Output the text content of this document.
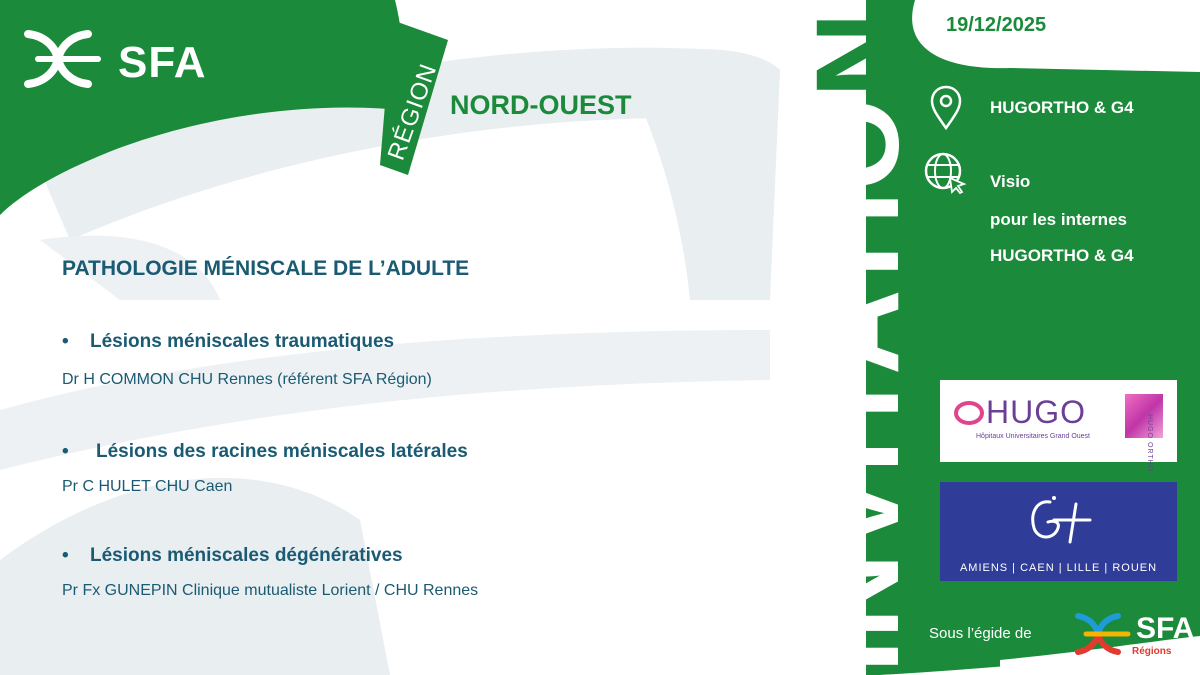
SFA	RÉGION NORD-OUEST
PATHOLOGIE MÉNISCALE DE L’ADULTE
• Lésions méniscales traumatiques
Dr H COMMON CHU Rennes (référent SFA Région)
• Lésions des racines méniscales latérales
Pr C HULET CHU Caen
• Lésions méniscales dégénératives
Pr Fx GUNEPIN Clinique mutualiste Lorient / CHU Rennes	INVITATION 19/12/2025
HUGORTHO & G4
Visio
pour les internes
HUGORTHO & G4
HUGO
Hôpitaux Universitaires Grand Ouest	HUGO ORTHO
AMIENS | CAEN | LILLE | ROUEN
Sous l’égide de	SFA
Régions
